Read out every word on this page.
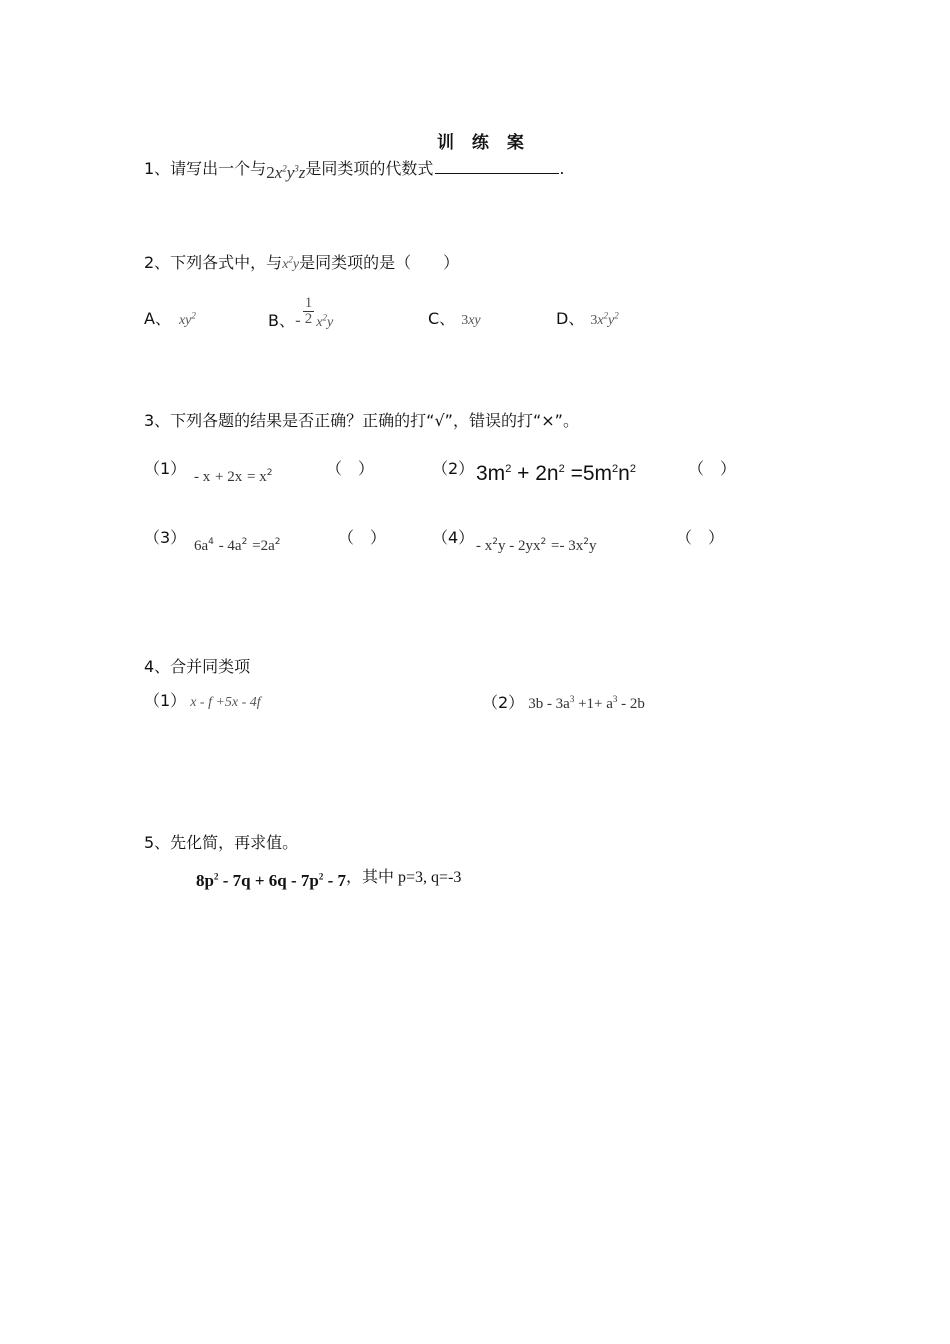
训 练 案
1、请写出一个与$2x^2y^3z$是同类项的代数式	.
2、下列各式中，与$x^2y$是同类项的是（　　）
A、 $xy^2$	B、- $\frac{1}{2} x^2y$	C、 3xy	D、 $3x^2y^2$
3、下列各题的结果是否正确？正确的打“√”，错误的打“×”。
$(1) - x + 2x = x^2$	（　）	（2） $3m^2 + 2n^2 =5m^2n^2$	（　）
（3） $6a^4 - 4a^2 =2a^2$	（　）	$(4) - x^2y - 2yx^2 =- 3x^2y$	（　）
4、合并同类项
（1） x - f +5x - 4f	（2） $3b - 3a^3 +1+ a^3 - 2b$
5、先化简，再求值。
$8p^2 - 7q + 6q - 7p^2 - 7$，其中 p=3, q=-3
